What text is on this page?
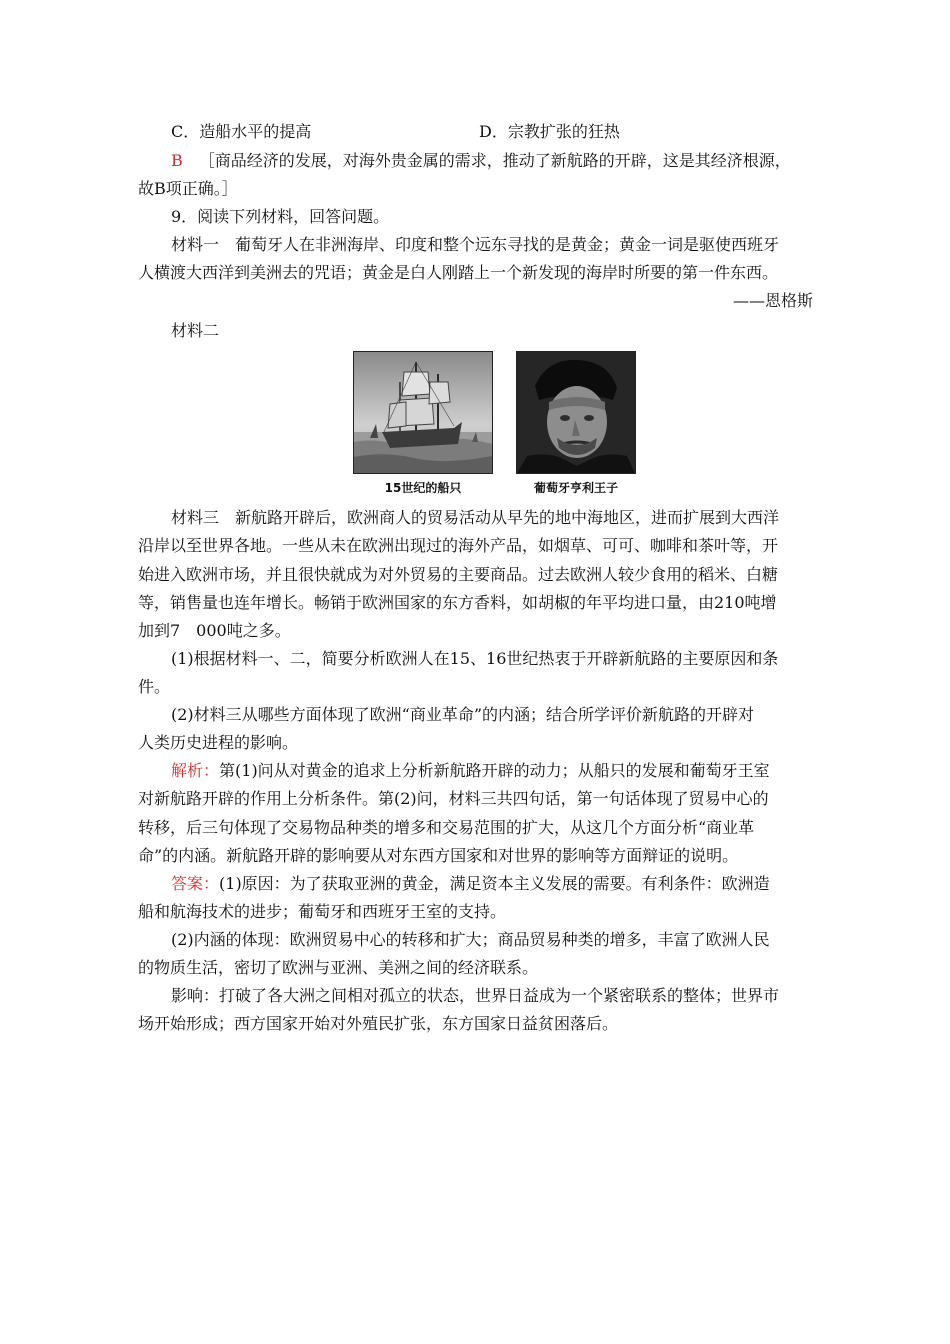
C．造船水平的提高	D．宗教扩张的狂热
B ［商品经济的发展，对海外贵金属的需求，推动了新航路的开辟，这是其经济根源，
故B项正确。］
9．阅读下列材料，回答问题。
材料一　葡萄牙人在非洲海岸、印度和整个远东寻找的是黄金；黄金一词是驱使西班牙
人横渡大西洋到美洲去的咒语；黄金是白人刚踏上一个新发现的海岸时所要的第一件东西。
——恩格斯
材料二
15世纪的船只	葡萄牙亨利王子
材料三　新航路开辟后，欧洲商人的贸易活动从早先的地中海地区，进而扩展到大西洋
沿岸以至世界各地。一些从未在欧洲出现过的海外产品，如烟草、可可、咖啡和茶叶等，开
始进入欧洲市场，并且很快就成为对外贸易的主要商品。过去欧洲人较少食用的稻米、白糖
等，销售量也连年增长。畅销于欧洲国家的东方香料，如胡椒的年平均进口量，由210吨增
加到7　000吨之多。
(1)根据材料一、二，简要分析欧洲人在15、16世纪热衷于开辟新航路的主要原因和条
件。
(2)材料三从哪些方面体现了欧洲“商业革命”的内涵；结合所学评价新航路的开辟对
人类历史进程的影响。
解析：第(1)问从对黄金的追求上分析新航路开辟的动力；从船只的发展和葡萄牙王室
对新航路开辟的作用上分析条件。第(2)问，材料三共四句话，第一句话体现了贸易中心的
转移，后三句体现了交易物品种类的增多和交易范围的扩大，从这几个方面分析“商业革
命”的内涵。新航路开辟的影响要从对东西方国家和对世界的影响等方面辩证的说明。
答案：(1)原因：为了获取亚洲的黄金，满足资本主义发展的需要。有利条件：欧洲造
船和航海技术的进步；葡萄牙和西班牙王室的支持。
(2)内涵的体现：欧洲贸易中心的转移和扩大；商品贸易种类的增多，丰富了欧洲人民
的物质生活，密切了欧洲与亚洲、美洲之间的经济联系。
影响：打破了各大洲之间相对孤立的状态，世界日益成为一个紧密联系的整体；世界市
场开始形成；西方国家开始对外殖民扩张，东方国家日益贫困落后。
